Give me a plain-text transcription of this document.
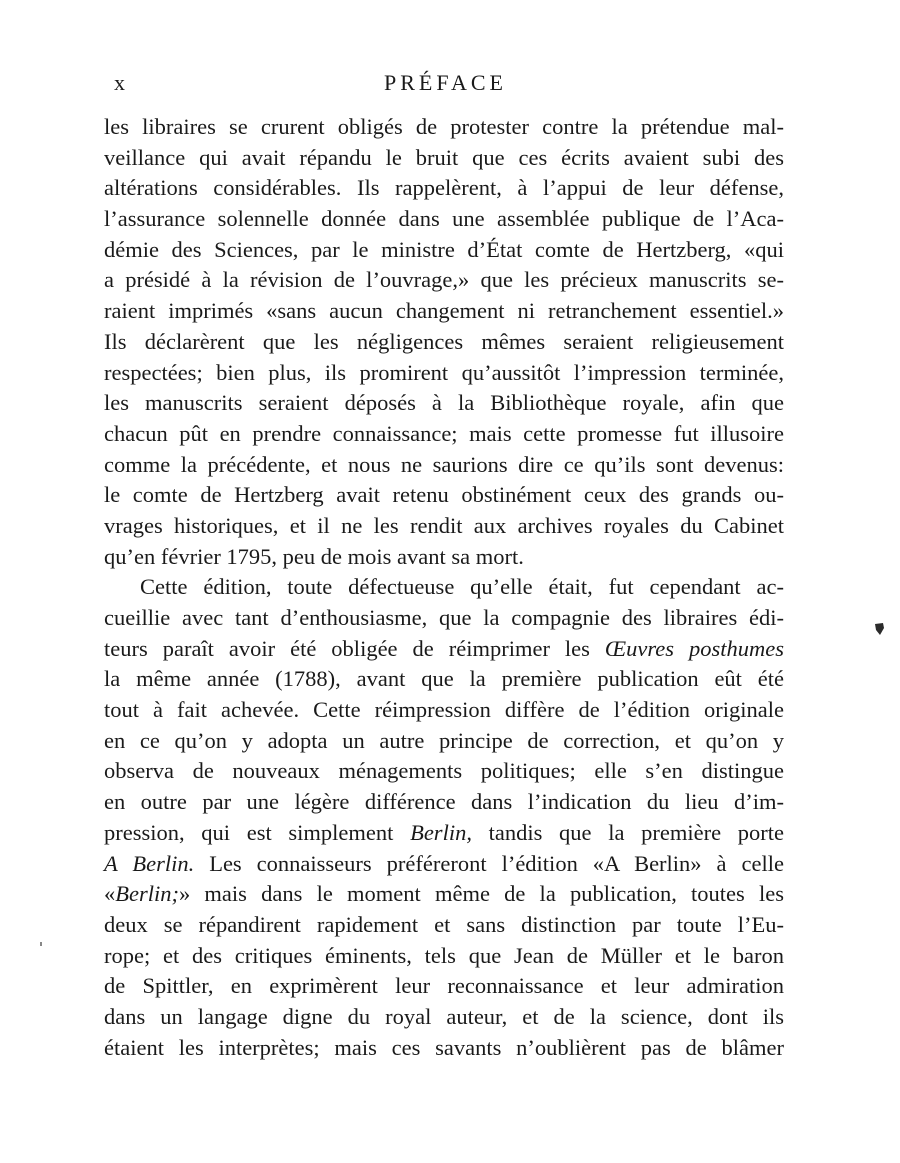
x	PRÉFACE
les libraires se crurent obligés de protester contre la prétendue mal-
veillance qui avait répandu le bruit que ces écrits avaient subi des
altérations considérables. Ils rappelèrent, à l’appui de leur défense,
l’assurance solennelle donnée dans une assemblée publique de l’Aca-
démie des Sciences, par le ministre d’État comte de Hertzberg, «qui
a présidé à la révision de l’ouvrage,» que les précieux manuscrits se-
raient imprimés «sans aucun changement ni retranchement essentiel.»
Ils déclarèrent que les négligences mêmes seraient religieusement
respectées; bien plus, ils promirent qu’aussitôt l’impression terminée,
les manuscrits seraient déposés à la Bibliothèque royale, afin que
chacun pût en prendre connaissance; mais cette promesse fut illusoire
comme la précédente, et nous ne saurions dire ce qu’ils sont devenus:
le comte de Hertzberg avait retenu obstinément ceux des grands ou-
vrages historiques, et il ne les rendit aux archives royales du Cabinet
qu’en février 1795, peu de mois avant sa mort.
Cette édition, toute défectueuse qu’elle était, fut cependant ac-
cueillie avec tant d’enthousiasme, que la compagnie des libraires édi-
teurs paraît avoir été obligée de réimprimer les Œuvres posthumes
la même année (1788), avant que la première publication eût été
tout à fait achevée. Cette réimpression diffère de l’édition originale
en ce qu’on y adopta un autre principe de correction, et qu’on y
observa de nouveaux ménagements politiques; elle s’en distingue
en outre par une légère différence dans l’indication du lieu d’im-
pression, qui est simplement Berlin, tandis que la première porte
A Berlin. Les connaisseurs préféreront l’édition «A Berlin» à celle
«Berlin;» mais dans le moment même de la publication, toutes les
deux se répandirent rapidement et sans distinction par toute l’Eu-
rope; et des critiques éminents, tels que Jean de Müller et le baron
de Spittler, en exprimèrent leur reconnaissance et leur admiration
dans un langage digne du royal auteur, et de la science, dont ils
étaient les interprètes; mais ces savants n’oublièrent pas de blâmer
